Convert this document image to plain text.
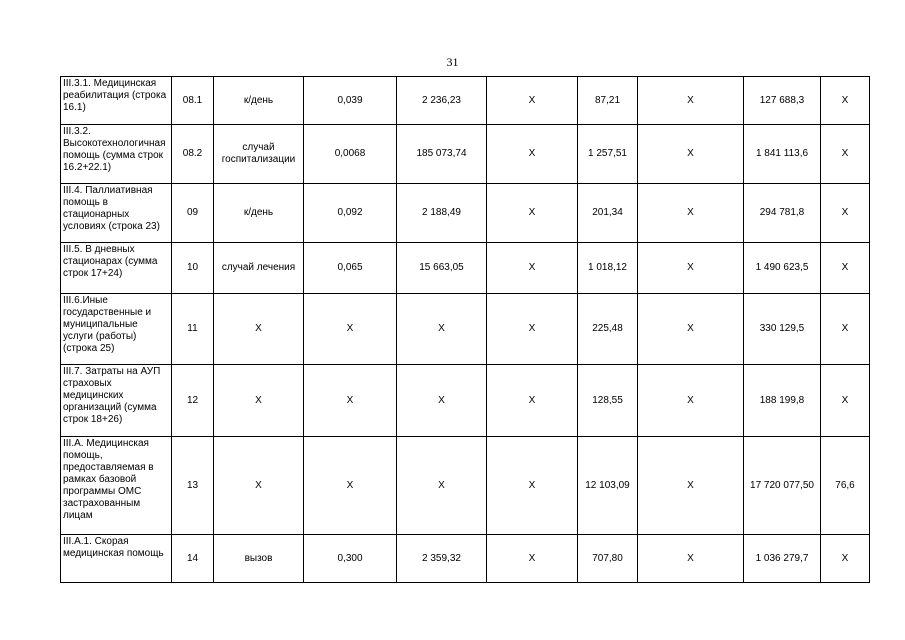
31
III.3.1. Медицинская реабилитация (строка 16.1)	08.1	к/день	0,039	2 236,23	Х	87,21	Х	127 688,3	Х
III.3.2. Высокотехнологичная помощь (сумма строк 16.2+22.1)	08.2	случай госпитализации	0,0068	185 073,74	Х	1 257,51	Х	1 841 113,6	Х
III.4. Паллиативная помощь в стационарных условиях (строка 23)	09	к/день	0,092	2 188,49	Х	201,34	Х	294 781,8	Х
III.5. В дневных стационарах (сумма строк 17+24)	10	случай лечения	0,065	15 663,05	Х	1 018,12	Х	1 490 623,5	Х
III.6.Иные государственные и муниципальные услуги (работы) (строка 25)	11	Х	Х	Х	Х	225,48	Х	330 129,5	Х
III.7. Затраты на АУП страховых медицинских организаций (сумма строк 18+26)	12	Х	Х	Х	Х	128,55	Х	188 199,8	Х
III.А. Медицинская помощь, предоставляемая в рамках базовой программы ОМС застрахованным лицам	13	Х	Х	Х	Х	12 103,09	Х	17 720 077,50	76,6
III.А.1. Скорая медицинская помощь	14	вызов	0,300	2 359,32	Х	707,80	Х	1 036 279,7	Х
